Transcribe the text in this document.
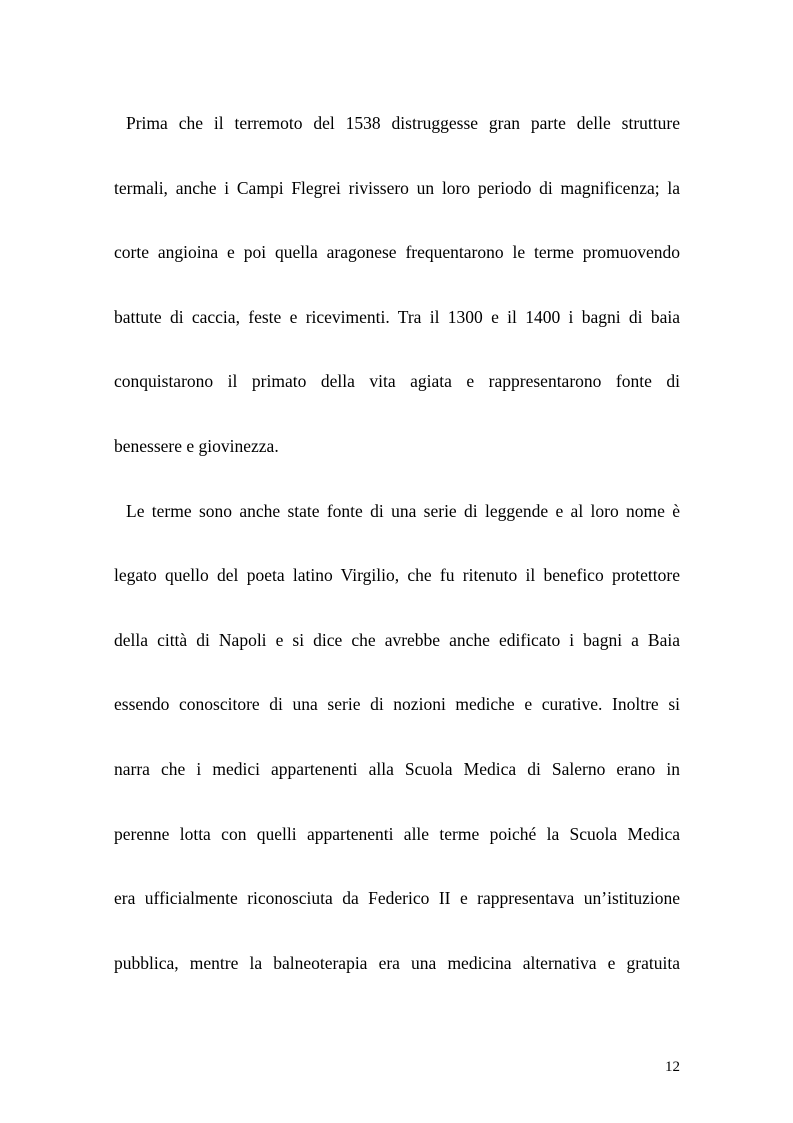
Prima che il terremoto del 1538 distruggesse gran parte delle strutture
termali, anche i Campi Flegrei rivissero un loro periodo di magnificenza; la
corte angioina e poi quella aragonese frequentarono le terme promuovendo
battute di caccia, feste e ricevimenti. Tra il 1300 e il 1400 i bagni di baia
conquistarono il primato della vita agiata e rappresentarono fonte di
benessere e giovinezza.
Le terme sono anche state fonte di una serie di leggende e al loro nome è
legato quello del poeta latino Virgilio, che fu ritenuto il benefico protettore
della città di Napoli e si dice che avrebbe anche edificato i bagni a Baia
essendo conoscitore di una serie di nozioni mediche e curative. Inoltre si
narra che i medici appartenenti alla Scuola Medica di Salerno erano in
perenne lotta con quelli appartenenti alle terme poiché la Scuola Medica
era ufficialmente riconosciuta da Federico II e rappresentava un’istituzione
pubblica, mentre la balneoterapia era una medicina alternativa e gratuita
12
